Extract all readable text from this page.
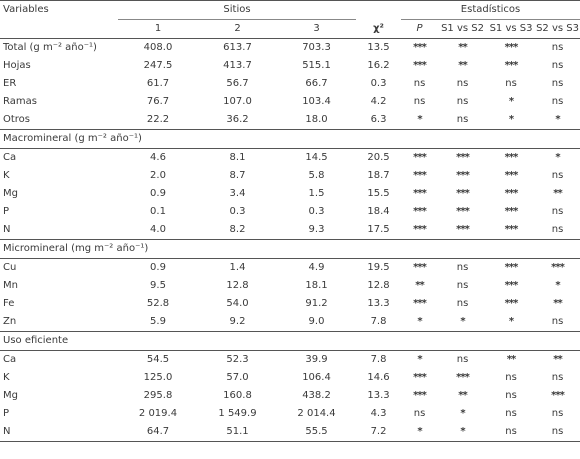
Variables	Sitios				Estadísticos			
	1	2	3	χ²	P	S1 vs S2	S1 vs S3	S2 vs S3
Total (g m⁻² año⁻¹)	408.0	613.7	703.3	13.5	***	**	***	ns
Hojas	247.5	413.7	515.1	16.2	***	**	***	ns
ER	61.7	56.7	66.7	0.3	ns	ns	ns	ns
Ramas	76.7	107.0	103.4	4.2	ns	ns	*	ns
Otros	22.2	36.2	18.0	6.3	*	ns	*	*
Macromineral (g m⁻² año⁻¹)								
Ca	4.6	8.1	14.5	20.5	***	***	***	*
K	2.0	8.7	5.8	18.7	***	***	***	ns
Mg	0.9	3.4	1.5	15.5	***	***	***	**
P	0.1	0.3	0.3	18.4	***	***	***	ns
N	4.0	8.2	9.3	17.5	***	***	***	ns
Micromineral (mg m⁻² año⁻¹)								
Cu	0.9	1.4	4.9	19.5	***	ns	***	***
Mn	9.5	12.8	18.1	12.8	**	ns	***	*
Fe	52.8	54.0	91.2	13.3	***	ns	***	**
Zn	5.9	9.2	9.0	7.8	*	*	*	ns
Uso eficiente								
Ca	54.5	52.3	39.9	7.8	*	ns	**	**
K	125.0	57.0	106.4	14.6	***	***	ns	ns
Mg	295.8	160.8	438.2	13.3	***	**	ns	***
P	2 019.4	1 549.9	2 014.4	4.3	ns	*	ns	ns
N	64.7	51.1	55.5	7.2	*	*	ns	ns
